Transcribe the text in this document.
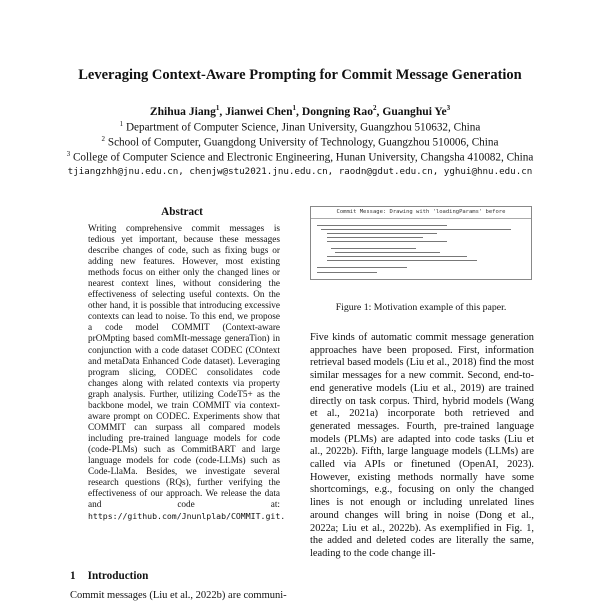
Leveraging Context-Aware Prompting for Commit Message Generation
Zhihua Jiang$^1$, Jianwei Chen$^1$, Dongning Rao$^2$, Guanghui Ye$^3$
$^1$ Department of Computer Science, Jinan University, Guangzhou 510632, China
$^2$ School of Computer, Guangdong University of Technology, Guangzhou 510006, China
$^3$ College of Computer Science and Electronic Engineering, Hunan University, Changsha 410082, China
tjiangzhh@jnu.edu.cn, chenjw@stu2021.jnu.edu.cn, raodn@gdut.edu.cn, yghui@hnu.edu.cn
Abstract
Writing comprehensive commit messages is tedious yet important, because these messages describe changes of code, such as fixing bugs or adding new features. However, most existing methods focus on either only the changed lines or nearest context lines, without considering the effectiveness of selecting useful contexts. On the other hand, it is possible that introducing excessive contexts can lead to noise. To this end, we propose a code model COMMIT (Context-aware prOMpting based comMIt-message generaTion) in conjunction with a code dataset CODEC (COntext and metaData Enhanced Code dataset). Leveraging program slicing, CODEC consolidates code changes along with related contexts via property graph analysis. Further, utilizing CodeT5+ as the backbone model, we train COMMIT via context-aware prompt on CODEC. Experiments show that COMMIT can surpass all compared models including pre-trained language models for code (code-PLMs) such as CommitBART and large language models for code (code-LLMs) such as Code-LlaMa. Besides, we investigate several research questions (RQs), further verifying the effectiveness of our approach. We release the data and code at: https://github.com/Jnunlplab/COMMIT.git.
1 Introduction
Commit messages (Liu et al., 2022b) are communi-
Commit Message: Drawing with 'loadingParams' before
Figure 1: Motivation example of this paper.
Five kinds of automatic commit message generation approaches have been proposed. First, information retrieval based models (Liu et al., 2018) find the most similar messages for a new commit. Second, end-to-end generative models (Liu et al., 2019) are trained directly on task corpus. Third, hybrid models (Wang et al., 2021a) incorporate both retrieved and generated messages. Fourth, pre-trained language models (PLMs) are adapted into code tasks (Liu et al., 2022b). Fifth, large language models (LLMs) are called via APIs or finetuned (OpenAI, 2023). However, existing methods normally have some shortcomings, e.g., focusing on only the changed lines is not enough or including unrelated lines around changes will bring in noise (Dong et al., 2022a; Liu et al., 2022b). As exemplified in Fig. 1, the added and deleted codes are literally the same, leading to the code change ill-
